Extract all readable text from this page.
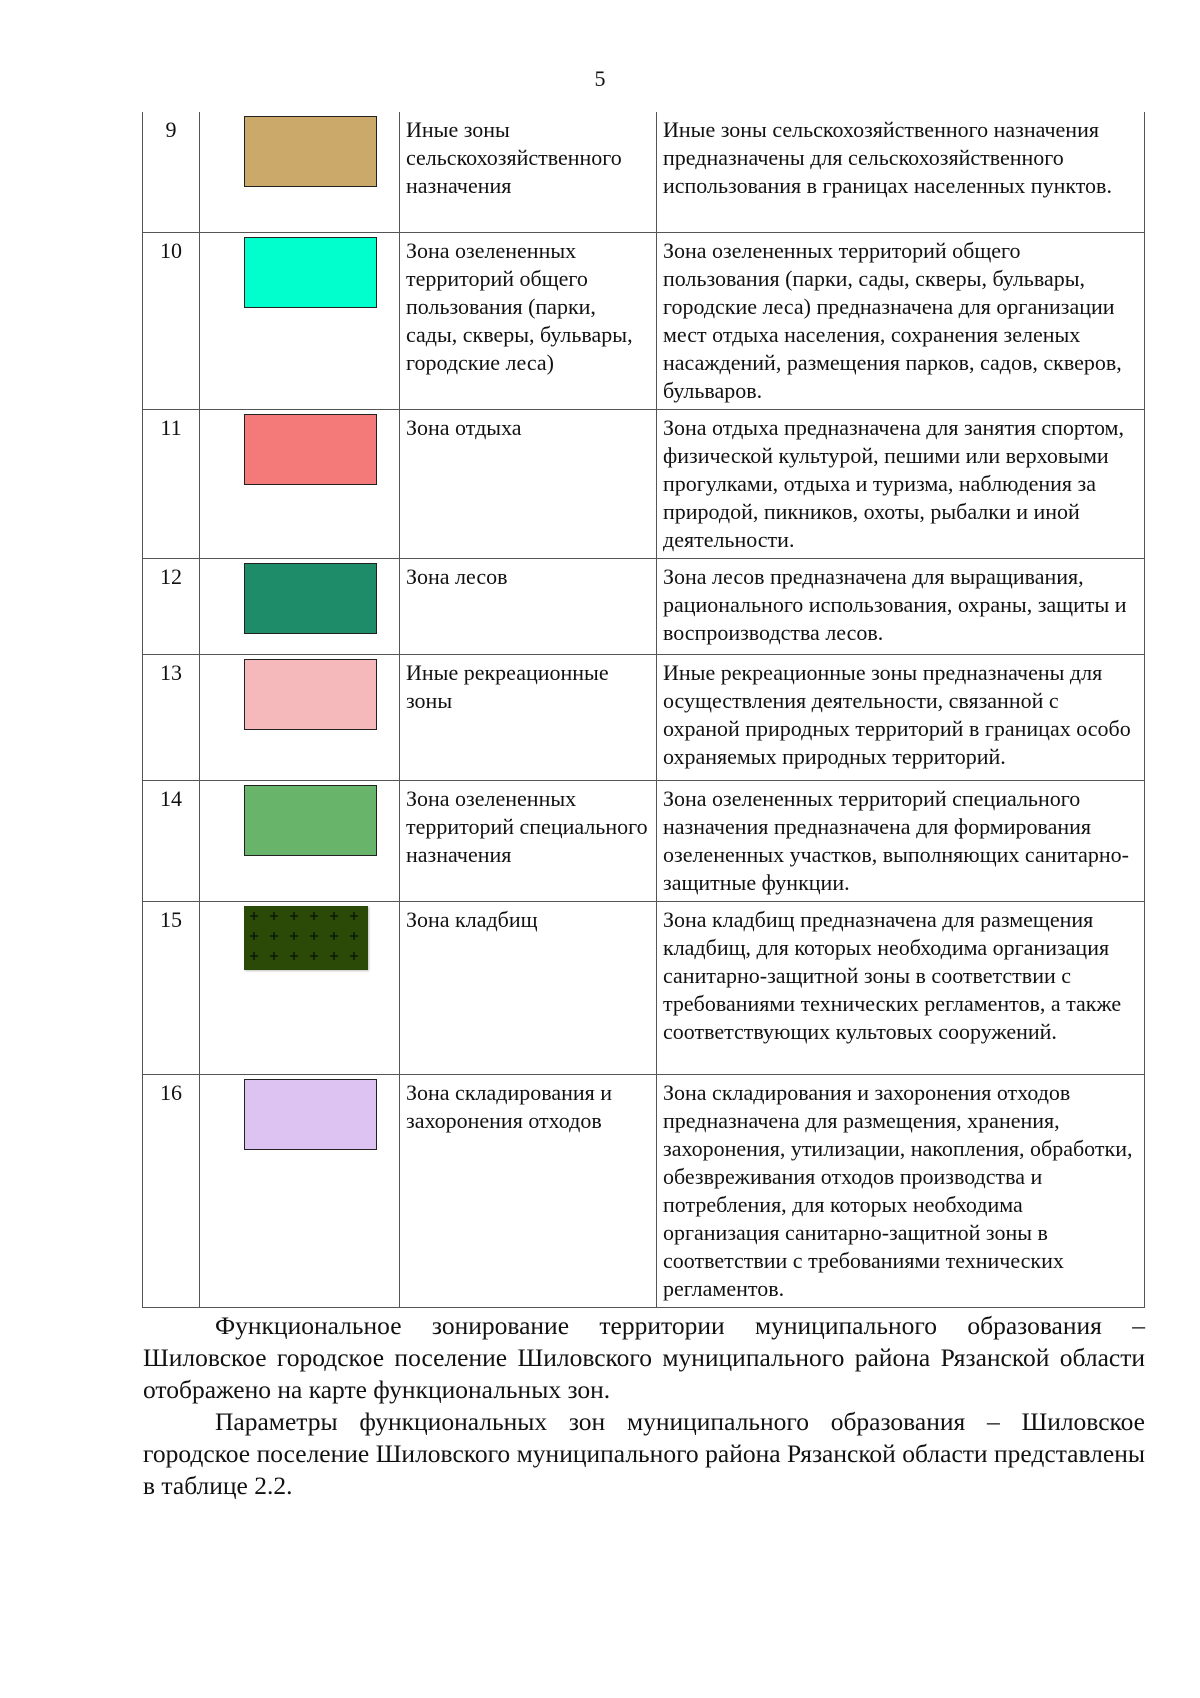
5
9		Иные зоны сельскохозяйственного назначения	Иные зоны сельскохозяйственного назначения предназначены для сельскохозяйственного использования в границах населенных пунктов.
10		Зона озелененных территорий общего пользования (парки, сады, скверы, бульвары, городские леса)	Зона озелененных территорий общего пользования (парки, сады, скверы, бульвары, городские леса) предназначена для организации мест отдыха населения, сохранения зеленых насаждений, размещения парков, садов, скверов, бульваров.
11		Зона отдыха	Зона отдыха предназначена для занятия спортом, физической культурой, пешими или верховыми прогулками, отдыха и туризма, наблюдения за природой, пикников, охоты, рыбалки и иной деятельности.
12		Зона лесов	Зона лесов предназначена для выращивания, рационального использования, охраны, защиты и воспроизводства лесов.
13		Иные рекреационные зоны	Иные рекреационные зоны предназначены для осуществления деятельности, связанной с охраной природных территорий в границах особо охраняемых природных территорий.
14		Зона озелененных территорий специального назначения	Зона озелененных территорий специального назначения предназначена для формирования озелененных участков, выполняющих санитарно-защитные функции.
15		Зона кладбищ	Зона кладбищ предназначена для размещения кладбищ, для которых необходима организация санитарно-защитной зоны в соответствии с требованиями технических регламентов, а также соответствующих культовых сооружений.
16		Зона складирования и захоронения отходов	Зона складирования и захоронения отходов предназначена для размещения, хранения, захоронения, утилизации, накопления, обработки, обезвреживания отходов производства и потребления, для которых необходима организация санитарно-защитной зоны в соответствии с требованиями технических регламентов.

Функциональное зонирование территории муниципального образования – Шиловское городское поселение Шиловского муниципального района Рязанской области отображено на карте функциональных зон.

Параметры функциональных зон муниципального образования – Шиловское городское поселение Шиловского муниципального района Рязанской области представлены в таблице 2.2.
